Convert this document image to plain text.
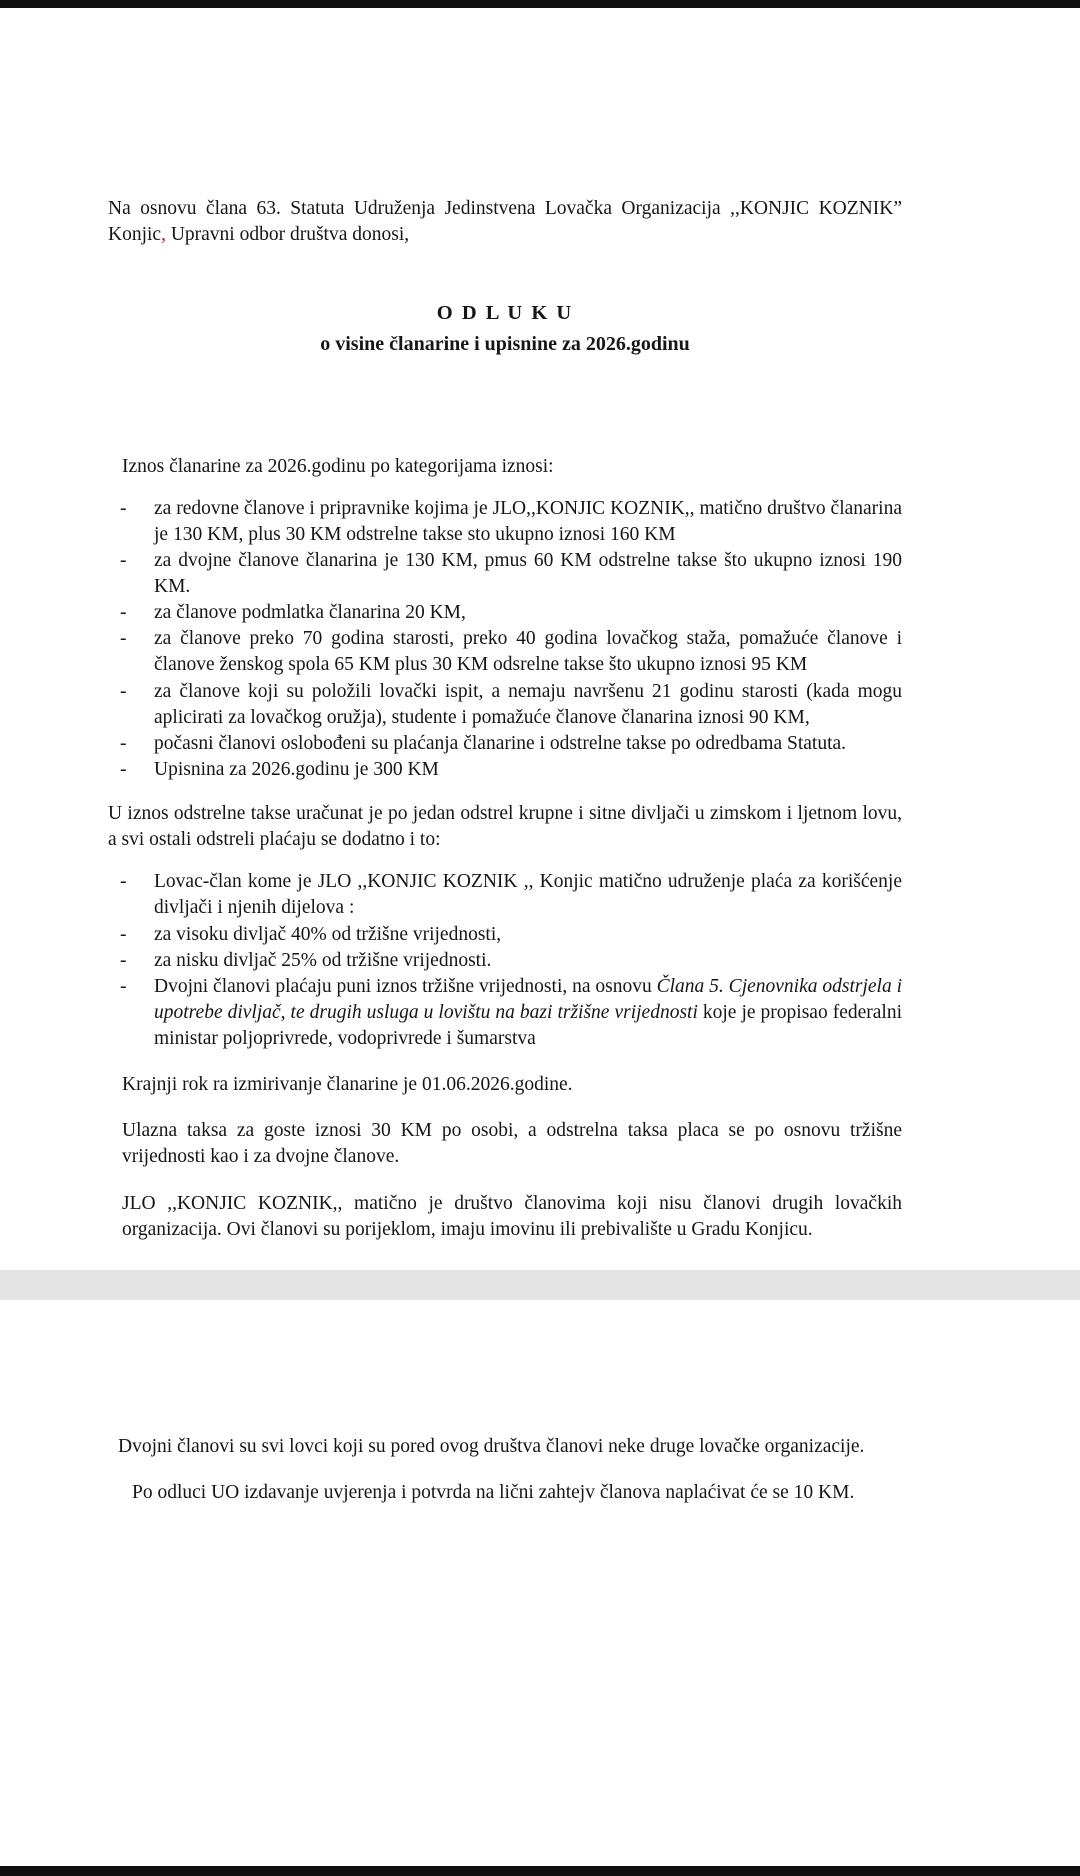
Na osnovu člana 63. Statuta Udruženja Jedinstvena Lovačka Organizacija ,,KONJIC KOZNIK” Konjic, Upravni odbor društva donosi,

O D L U K U
o visine članarine i upisnine za 2026.godinu

Iznos članarine za 2026.godinu po kategorijama iznosi:

- za redovne članove i pripravnike kojima je JLO,,KONJIC KOZNIK,, matično društvo članarina je 130 KM, plus 30 KM odstrelne takse sto ukupno iznosi 160 KM
- za dvojne članove članarina je 130 KM, pmus 60 KM odstrelne takse što ukupno iznosi 190 KM.
- za članove podmlatka članarina 20 KM,
- za članove preko 70 godina starosti, preko 40 godina lovačkog staža, pomažuće članove i članove ženskog spola 65 KM plus 30 KM odsrelne takse što ukupno iznosi 95 KM
- za članove koji su položili lovački ispit, a nemaju navršenu 21 godinu starosti (kada mogu aplicirati za lovačkog oružja), studente i pomažuće članove članarina iznosi 90 KM,
- počasni članovi oslobođeni su plaćanja članarine i odstrelne takse po odredbama Statuta.
- Upisnina za 2026.godinu je 300 KM

U iznos odstrelne takse uračunat je po jedan odstrel krupne i sitne divljači u zimskom i ljetnom lovu, a svi ostali odstreli plaćaju se dodatno i to:

- Lovac-član kome je JLO ,,KONJIC KOZNIK ,, Konjic matično udruženje plaća za korišćenje divljači i njenih dijelova :
- za visoku divljač 40% od tržišne vrijednosti,
- za nisku divljač 25% od tržišne vrijednosti.
- Dvojni članovi plaćaju puni iznos tržišne vrijednosti, na osnovu Člana 5. Cjenovnika odstrjela i upotrebe divljač, te drugih usluga u lovištu na bazi tržišne vrijednosti koje je propisao federalni ministar poljoprivrede, vodoprivrede i šumarstva

Krajnji rok ra izmirivanje članarine je 01.06.2026.godine.

Ulazna taksa za goste iznosi 30 KM po osobi, a odstrelna taksa placa se po osnovu tržišne vrijednosti kao i za dvojne članove.

JLO ,,KONJIC KOZNIK,, matično je društvo članovima koji nisu članovi drugih lovačkih organizacija. Ovi članovi su porijeklom, imaju imovinu ili prebivalište u Gradu Konjicu.

Dvojni članovi su svi lovci koji su pored ovog društva članovi neke druge lovačke organizacije.

Po odluci UO izdavanje uvjerenja i potvrda na lični zahtejv članova naplaćivat će se 10 KM.
